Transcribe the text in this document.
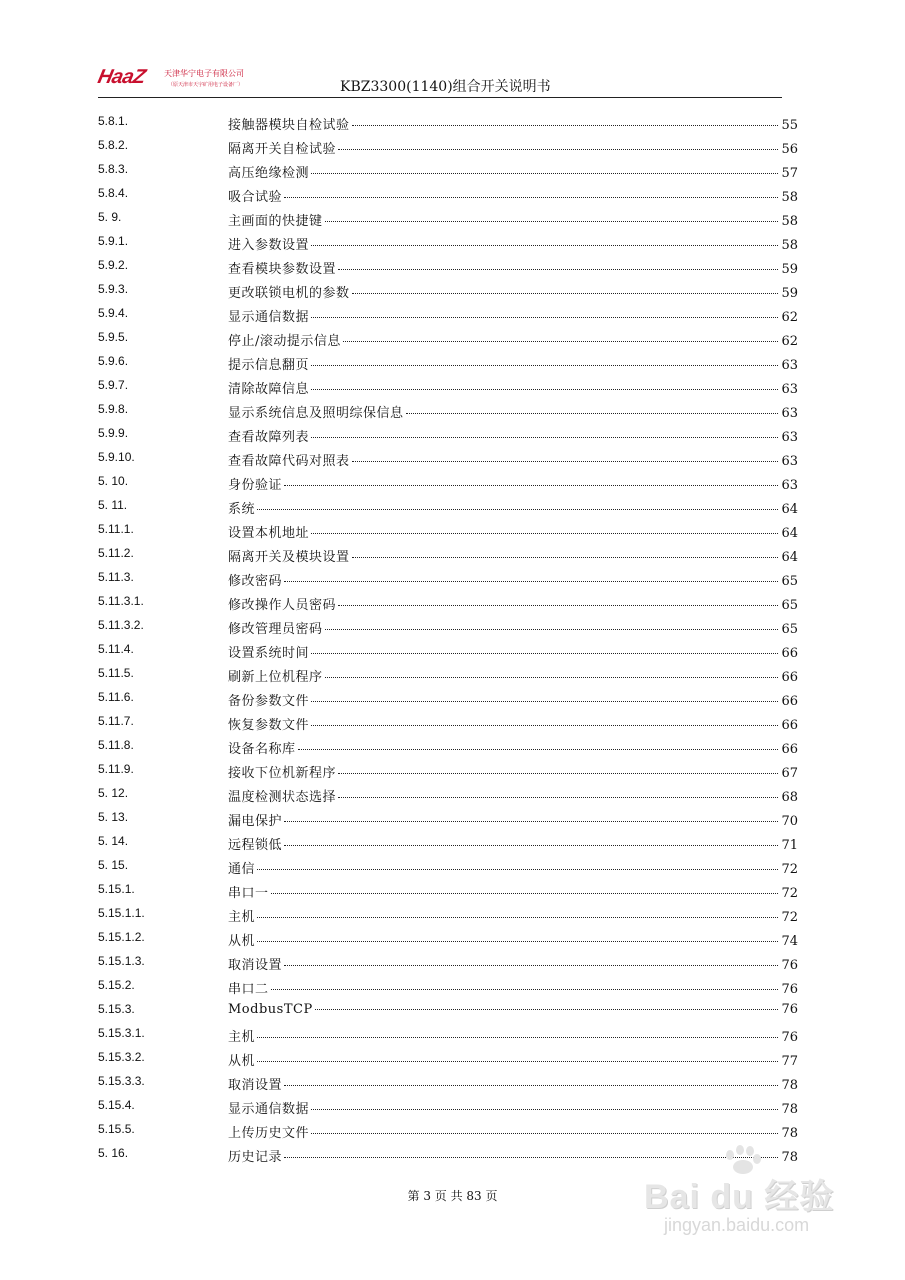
HaaZ 天津华宁电子有限公司
（原天津市天宇矿用电子设备厂）	KBZ3300(1140)组合开关说明书
5.8.1.	接触器模块自检试验	55
5.8.2.	隔离开关自检试验	56
5.8.3.	高压绝缘检测	57
5.8.4.	吸合试验	58
5. 9.	主画面的快捷键	58
5.9.1.	进入参数设置	58
5.9.2.	查看模块参数设置	59
5.9.3.	更改联锁电机的参数	59
5.9.4.	显示通信数据	62
5.9.5.	停止/滚动提示信息	62
5.9.6.	提示信息翻页	63
5.9.7.	清除故障信息	63
5.9.8.	显示系统信息及照明综保信息	63
5.9.9.	查看故障列表	63
5.9.10.	查看故障代码对照表	63
5. 10.	身份验证	63
5. 11.	系统	64
5.11.1.	设置本机地址	64
5.11.2.	隔离开关及模块设置	64
5.11.3.	修改密码	65
5.11.3.1.	修改操作人员密码	65
5.11.3.2.	修改管理员密码	65
5.11.4.	设置系统时间	66
5.11.5.	刷新上位机程序	66
5.11.6.	备份参数文件	66
5.11.7.	恢复参数文件	66
5.11.8.	设备名称库	66
5.11.9.	接收下位机新程序	67
5. 12.	温度检测状态选择	68
5. 13.	漏电保护	70
5. 14.	远程锁低	71
5. 15.	通信	72
5.15.1.	串口一	72
5.15.1.1.	主机	72
5.15.1.2.	从机	74
5.15.1.3.	取消设置	76
5.15.2.	串口二	76
5.15.3.	ModbusTCP	76
5.15.3.1.	主机	76
5.15.3.2.	从机	77
5.15.3.3.	取消设置	78
5.15.4.	显示通信数据	78
5.15.5.	上传历史文件	78
5. 16.	历史记录	78
第 3 页 共 83 页	Bai du 经验
jingyan.baidu.com
